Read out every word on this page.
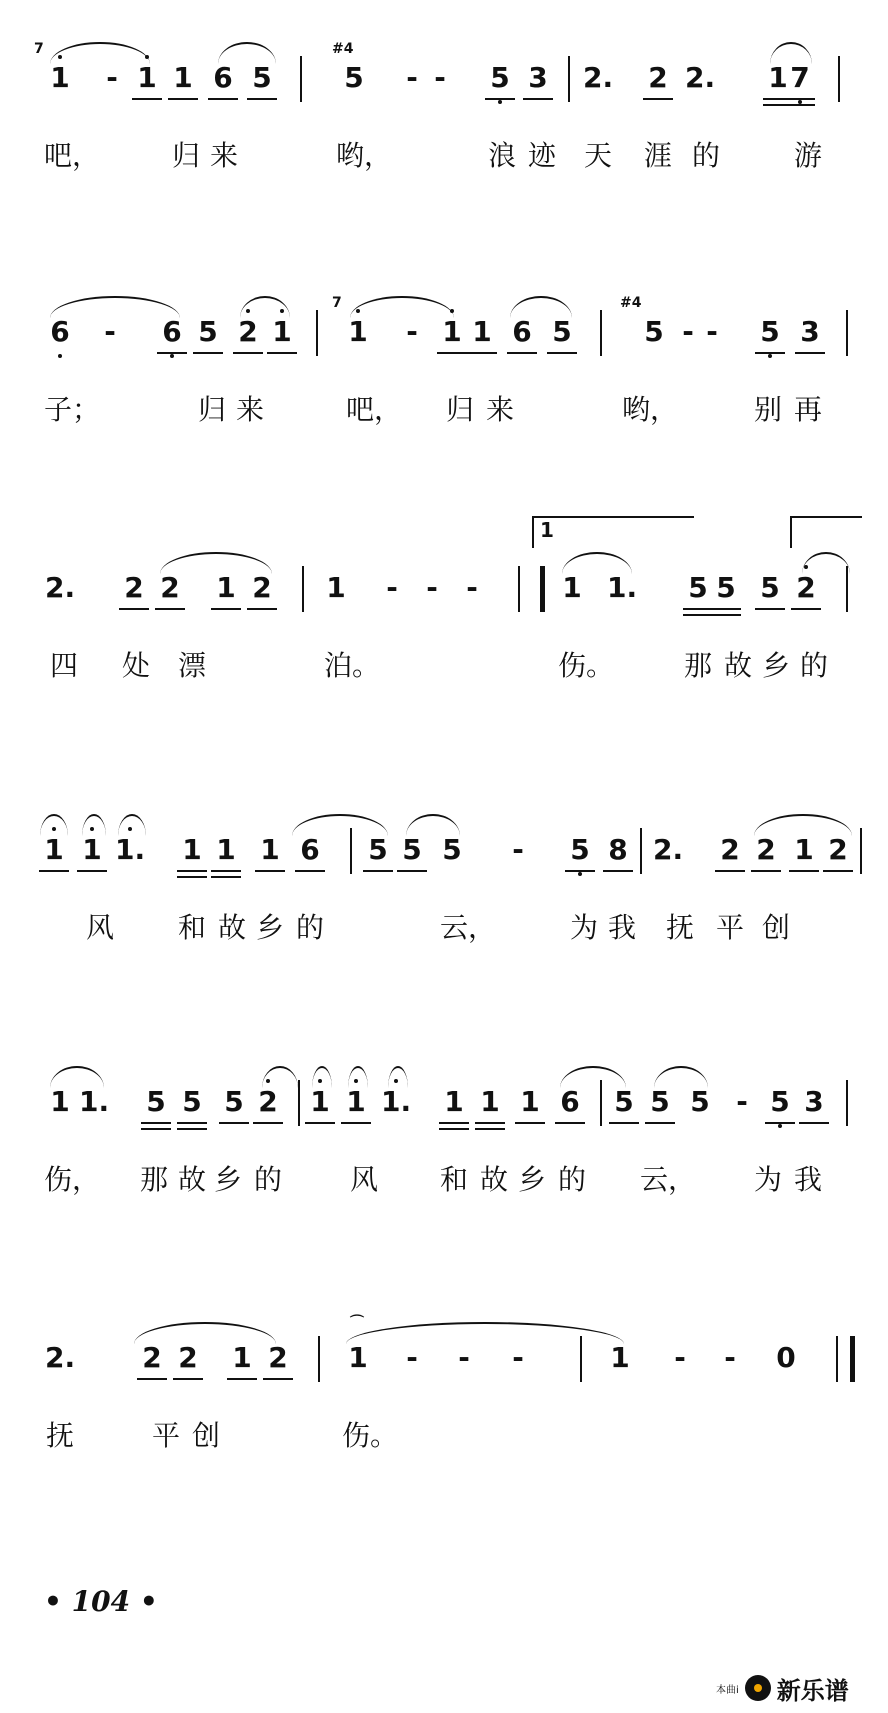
1	- 1 1 6 5	5	- -	5 3 2. 2 2. 1 7
7	#4
吧，	归 来	哟，	浪 迹 天 涯 的	游
6	-	6 5 2 1 1	- 1 1 6 5	5 - -	5 3
7	#4
子；	归 来	吧， 归 来	哟，	别 再
2. 2 2 1 2 1	-	-	-	1 1. 5 5 5 2
1
四 处 漂	泊。	伤。 那 故 乡 的
1 1 1. 1 1 1 6 5 5 5	-	5 8 2. 2 2 1 2
风 和 故 乡 的	云，	为 我 抚 平 创
1 1. 5 5 5 2 1 1 1. 1 1 1 6 5 5 5 - 5 3
伤， 那 故 乡 的 风 和 故 乡 的 云， 为 我
2. 2 2 1 2 1
⌒
-	-	-	1	-	-	0
抚	平 创	伤。
• 104 •
本曲i 新乐谱
